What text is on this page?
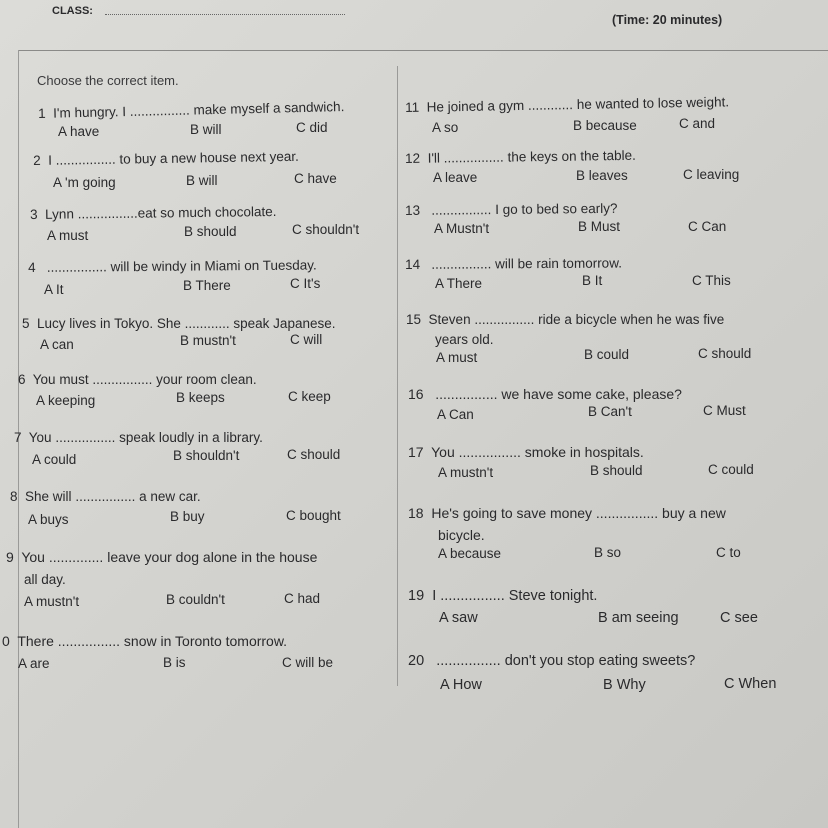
CLASS:
(Time: 20 minutes)
Choose the correct item.
1 I'm hungry. I ................ make myself a sandwich.
A have	B will	C did
2 I ................ to buy a new house next year.
A 'm going	B will	C have
3 Lynn ................eat so much chocolate.
A must	B should	C shouldn't
4 ................ will be windy in Miami on Tuesday.
A It	B There	C It's
5 Lucy lives in Tokyo. She ............ speak Japanese.
A can	B mustn't	C will
6 You must ................ your room clean.
A keeping	B keeps	C keep
7 You ................ speak loudly in a library.
A could	B shouldn't	C should
8 She will ................ a new car.
A buys	B buy	C bought
9 You .............. leave your dog alone in the house
all day.
A mustn't	B couldn't	C had
0 There ................ snow in Toronto tomorrow.
A are	B is	C will be
11 He joined a gym ............ he wanted to lose weight.
A so	B because	C and
12 I'll ................ the keys on the table.
A leave	B leaves	C leaving
13 ................ I go to bed so early?
A Mustn't	B Must	C Can
14 ................ will be rain tomorrow.
A There	B It	C This
15 Steven ................ ride a bicycle when he was five
years old.
A must	B could	C should
16 ................ we have some cake, please?
A Can	B Can't	C Must
17 You ................ smoke in hospitals.
A mustn't	B should	C could
18 He's going to save money ................ buy a new
bicycle.
A because	B so	C to
19 I ................ Steve tonight.
A saw	B am seeing	C see
20 ................ don't you stop eating sweets?
A How	B Why	C When
